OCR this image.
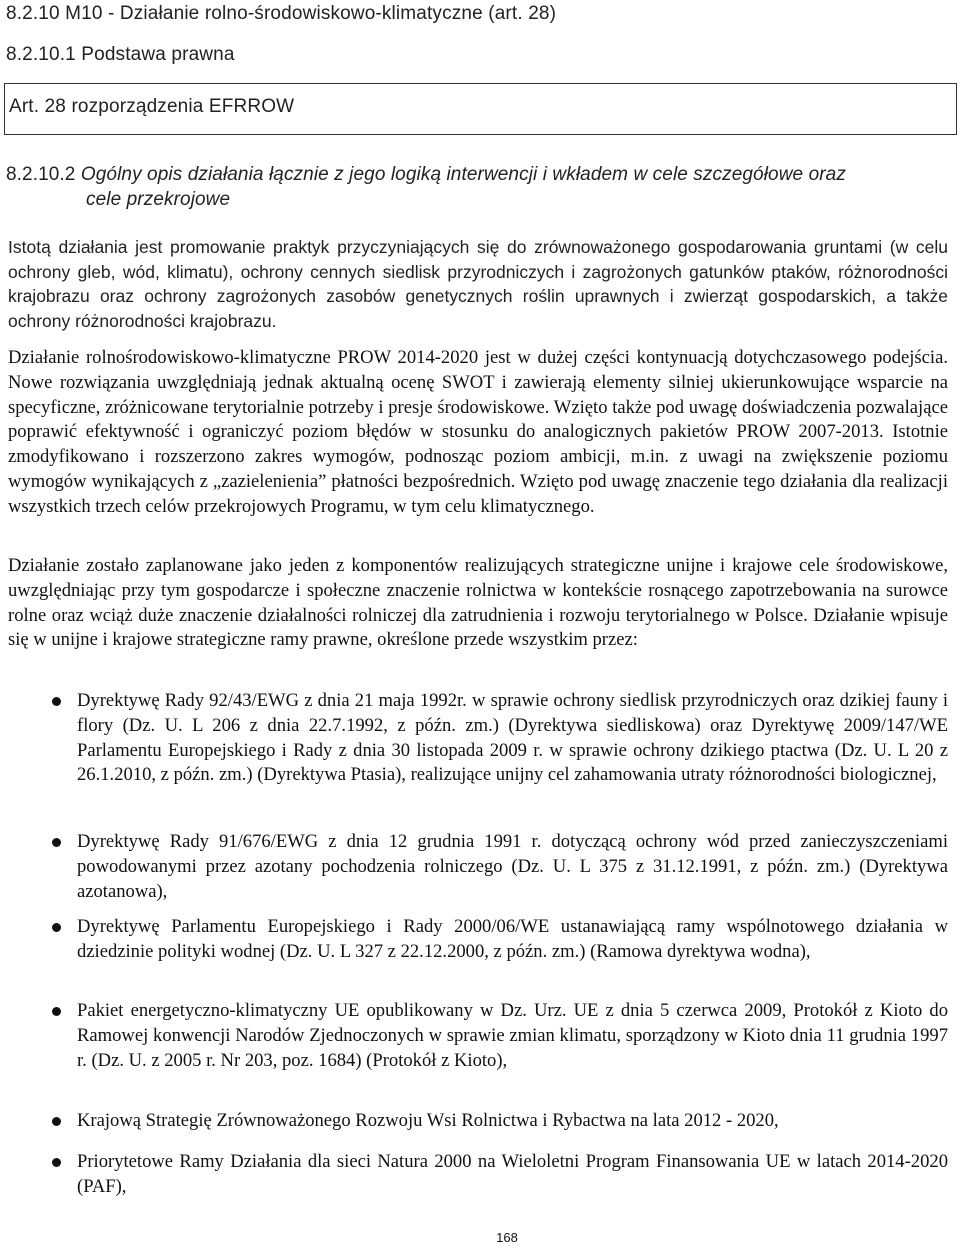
8.2.10 M10 - Działanie rolno-środowiskowo-klimatyczne (art. 28)
8.2.10.1 Podstawa prawna
Art. 28 rozporządzenia EFRROW
8.2.10.2 Ogólny opis działania łącznie z jego logiką interwencji i wkładem w cele szczegółowe oraz
cele przekrojowe

Istotą działania jest promowanie praktyk przyczyniających się do zrównoważonego gospodarowania gruntami (w celu ochrony gleb, wód, klimatu), ochrony cennych siedlisk przyrodniczych i zagrożonych gatunków ptaków, różnorodności krajobrazu oraz ochrony zagrożonych zasobów genetycznych roślin uprawnych i zwierząt gospodarskich, a także ochrony różnorodności krajobrazu.

Działanie rolnośrodowiskowo-klimatyczne PROW 2014-2020 jest w dużej części kontynuacją dotychczasowego podejścia. Nowe rozwiązania uwzględniają jednak aktualną ocenę SWOT i zawierają elementy silniej ukierunkowujące wsparcie na specyficzne, zróżnicowane terytorialnie potrzeby i presje środowiskowe. Wzięto także pod uwagę doświadczenia pozwalające poprawić efektywność i ograniczyć poziom błędów w stosunku do analogicznych pakietów PROW 2007-2013. Istotnie zmodyfikowano i rozszerzono zakres wymogów, podnosząc poziom ambicji, m.in. z uwagi na zwiększenie poziomu wymogów wynikających z „zazielenienia” płatności bezpośrednich. Wzięto pod uwagę znaczenie tego działania dla realizacji wszystkich trzech celów przekrojowych Programu, w tym celu klimatycznego.

Działanie zostało zaplanowane jako jeden z komponentów realizujących strategiczne unijne i krajowe cele środowiskowe, uwzględniając przy tym gospodarcze i społeczne znaczenie rolnictwa w kontekście rosnącego zapotrzebowania na surowce rolne oraz wciąż duże znaczenie działalności rolniczej dla zatrudnienia i rozwoju terytorialnego w Polsce. Działanie wpisuje się w unijne i krajowe strategiczne ramy prawne, określone przede wszystkim przez:

Dyrektywę Rady 92/43/EWG z dnia 21 maja 1992r. w sprawie ochrony siedlisk przyrodniczych oraz dzikiej fauny i flory (Dz. U. L 206 z dnia 22.7.1992, z późn. zm.) (Dyrektywa siedliskowa) oraz Dyrektywę 2009/147/WE Parlamentu Europejskiego i Rady z dnia 30 listopada 2009 r. w sprawie ochrony dzikiego ptactwa (Dz. U. L 20 z 26.1.2010, z późn. zm.) (Dyrektywa Ptasia), realizujące unijny cel zahamowania utraty różnorodności biologicznej,
Dyrektywę Rady 91/676/EWG z dnia 12 grudnia 1991 r. dotyczącą ochrony wód przed zanieczyszczeniami powodowanymi przez azotany pochodzenia rolniczego (Dz. U. L 375 z 31.12.1991, z późn. zm.) (Dyrektywa azotanowa),
Dyrektywę Parlamentu Europejskiego i Rady 2000/06/WE ustanawiającą ramy wspólnotowego działania w dziedzinie polityki wodnej (Dz. U. L 327 z 22.12.2000, z późn. zm.) (Ramowa dyrektywa wodna),
Pakiet energetyczno-klimatyczny UE opublikowany w Dz. Urz. UE z dnia 5 czerwca 2009, Protokół z Kioto do Ramowej konwencji Narodów Zjednoczonych w sprawie zmian klimatu, sporządzony w Kioto dnia 11 grudnia 1997 r. (Dz. U. z 2005 r. Nr 203, poz. 1684) (Protokół z Kioto),
Krajową Strategię Zrównoważonego Rozwoju Wsi Rolnictwa i Rybactwa na lata 2012 - 2020,
Priorytetowe Ramy Działania dla sieci Natura 2000 na Wieloletni Program Finansowania UE w latach 2014-2020 (PAF),
168
